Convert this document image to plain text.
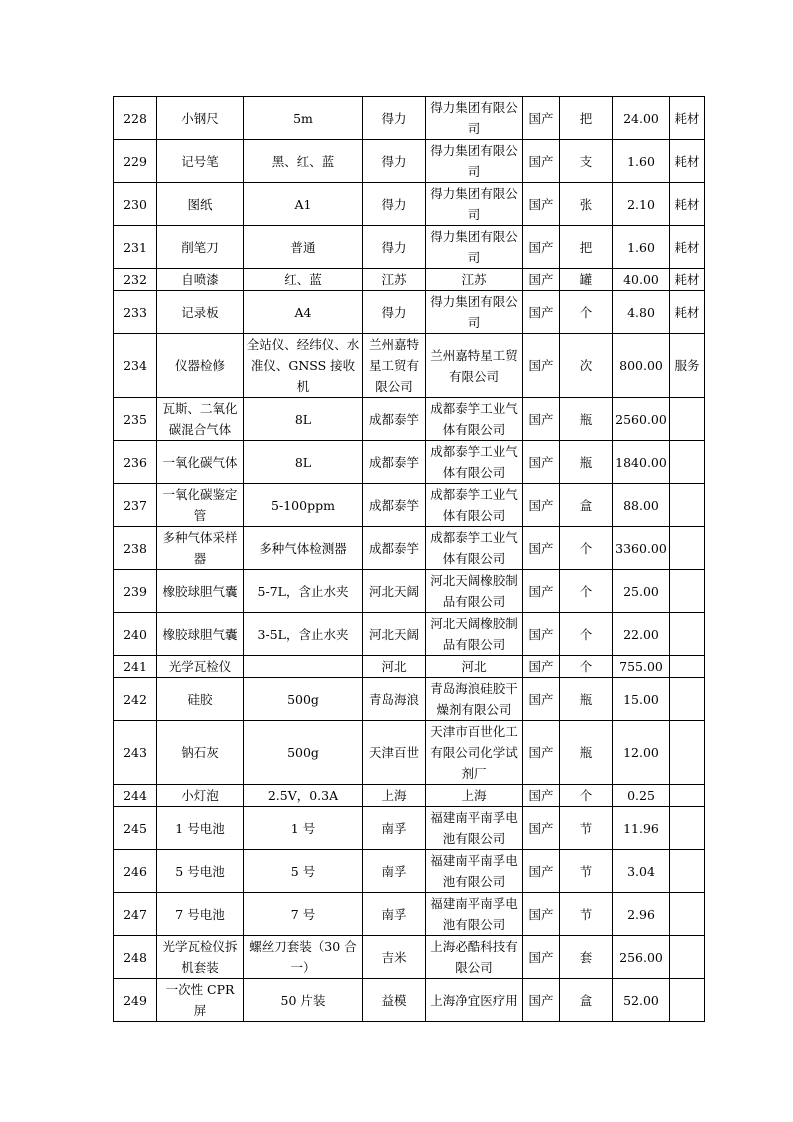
228	小钢尺	5m	得力	得力集团有限公司	国产	把	24.00	耗材
229	记号笔	黑、红、蓝	得力	得力集团有限公司	国产	支	1.60	耗材
230	图纸	A1	得力	得力集团有限公司	国产	张	2.10	耗材
231	削笔刀	普通	得力	得力集团有限公司	国产	把	1.60	耗材
232	自喷漆	红、蓝	江苏	江苏	国产	罐	40.00	耗材
233	记录板	A4	得力	得力集团有限公司	国产	个	4.80	耗材
234	仪器检修	全站仪、经纬仪、水准仪、GNSS 接收机	兰州嘉特星工贸有限公司	兰州嘉特星工贸有限公司	国产	次	800.00	服务
235	瓦斯、二氧化碳混合气体	8L	成都泰竽	成都泰竽工业气体有限公司	国产	瓶	2560.00	
236	一氧化碳气体	8L	成都泰竽	成都泰竽工业气体有限公司	国产	瓶	1840.00	
237	一氧化碳鉴定管	5-100ppm	成都泰竽	成都泰竽工业气体有限公司	国产	盒	88.00	
238	多种气体采样器	多种气体检测器	成都泰竽	成都泰竽工业气体有限公司	国产	个	3360.00	
239	橡胶球胆气囊	5-7L，含止水夹	河北天阔	河北天阔橡胶制品有限公司	国产	个	25.00	
240	橡胶球胆气囊	3-5L，含止水夹	河北天阔	河北天阔橡胶制品有限公司	国产	个	22.00	
241	光学瓦检仪		河北	河北	国产	个	755.00	
242	硅胶	500g	青岛海浪	青岛海浪硅胶干燥剂有限公司	国产	瓶	15.00	
243	钠石灰	500g	天津百世	天津市百世化工有限公司化学试剂厂	国产	瓶	12.00	
244	小灯泡	2.5V，0.3A	上海	上海	国产	个	0.25	
245	1 号电池	1 号	南孚	福建南平南孚电池有限公司	国产	节	11.96	
246	5 号电池	5 号	南孚	福建南平南孚电池有限公司	国产	节	3.04	
247	7 号电池	7 号	南孚	福建南平南孚电池有限公司	国产	节	2.96	
248	光学瓦检仪拆机套装	螺丝刀套装（30 合一）	吉米	上海必酷科技有限公司	国产	套	256.00	
249	一次性 CPR 屏	50 片装	益模	上海净宜医疗用	国产	盒	52.00	
